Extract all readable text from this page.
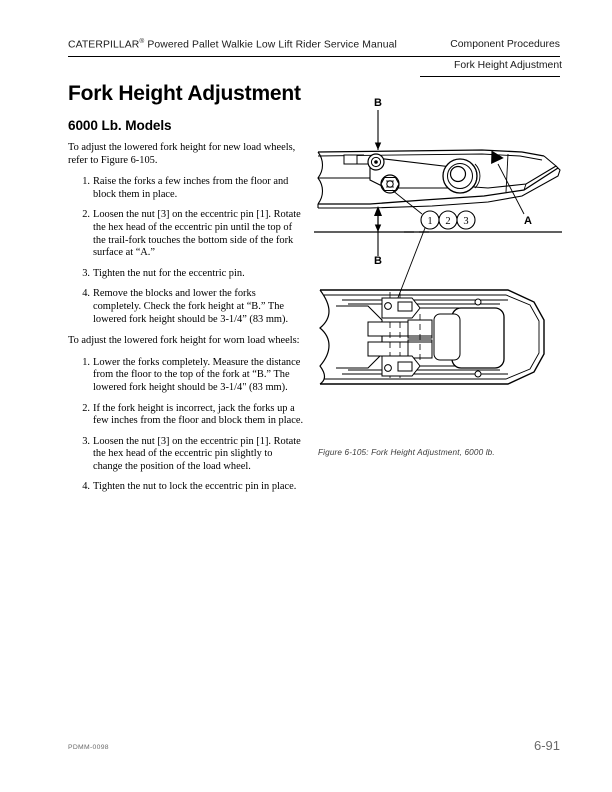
CATERPILLAR® Powered Pallet Walkie Low Lift Rider Service Manual	Component Procedures
Fork Height Adjustment
Fork Height Adjustment
6000 Lb. Models

To adjust the lowered fork height for new load wheels, refer to Figure 6-105.

1. Raise the forks a few inches from the floor and block them in place.
2. Loosen the nut [3] on the eccentric pin [1]. Rotate the hex head of the eccentric pin until the top of the trail-fork touches the bottom side of the fork surface at “A.”
3. Tighten the nut for the eccentric pin.
4. Remove the blocks and lower the forks completely. Check the fork height at “B.” The lowered fork height should be 3-1/4” (83 mm).

To adjust the lowered fork height for worn load wheels:

1. Lower the forks completely. Measure the distance from the floor to the top of the fork at “B.” The lowered fork height should be 3-1/4" (83 mm).
2. If the fork height is incorrect, jack the forks up a few inches from the floor and block them in place.
3. Loosen the nut [3] on the eccentric pin [1]. Rotate the hex head of the eccentric pin slightly to change the position of the load wheel.
4. Tighten the nut to lock the eccentric pin in place.
B
B
A
1 2 3
Figure 6-105: Fork Height Adjustment, 6000 lb.
PDMM-0098	6-91
